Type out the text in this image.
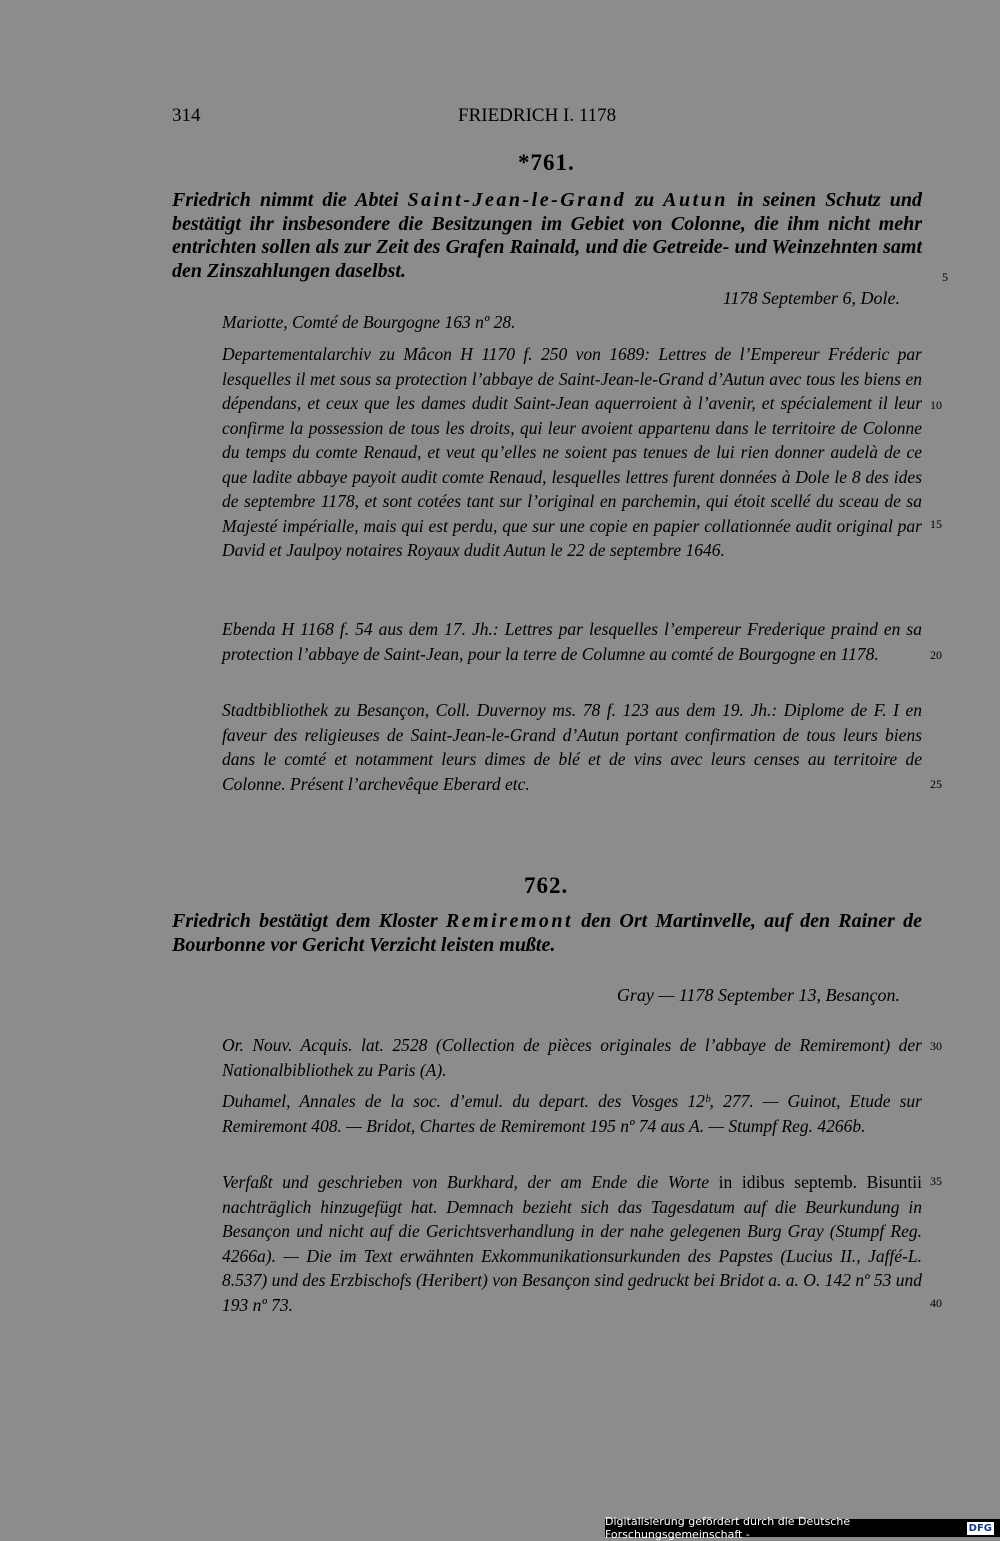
314	FRIEDRICH I. 1178
*761.
Friedrich nimmt die Abtei Saint-Jean-le-Grand zu Autun in seinen Schutz und bestätigt ihr insbesondere die Besitzungen im Gebiet von Colonne, die ihm nicht mehr entrichten sollen als zur Zeit des Grafen Rainald, und die Getreide- und Weinzehnten samt den Zinszahlungen daselbst.
1178 September 6, Dole.

Mariotte, Comté de Bourgogne 163 nº 28.

Departementalarchiv zu Mâcon H 1170 f. 250 von 1689: Lettres de l’Empereur Fréderic par lesquelles il met sous sa protection l’abbaye de Saint-Jean-le-Grand d’Autun avec tous les biens en dépendans, et ceux que les dames dudit Saint-Jean aquerroient à l’avenir, et spécialement il leur confirme la possession de tous les droits, qui leur avoient appartenu dans le territoire de Colonne du temps du comte Renaud, et veut qu’elles ne soient pas tenues de lui rien donner audelà de ce que ladite abbaye payoit audit comte Renaud, lesquelles lettres furent données à Dole le 8 des ides de septembre 1178, et sont cotées tant sur l’original en parchemin, qui étoit scellé du sceau de sa Majesté impérialle, mais qui est perdu, que sur une copie en papier collationnée audit original par David et Jaulpoy notaires Royaux dudit Autun le 22 de septembre 1646.

Ebenda H 1168 f. 54 aus dem 17. Jh.: Lettres par lesquelles l’empereur Frederique praind en sa protection l’abbaye de Saint-Jean, pour la terre de Columne au comté de Bourgogne en 1178.

Stadtbibliothek zu Besançon, Coll. Duvernoy ms. 78 f. 123 aus dem 19. Jh.: Diplome de F. I en faveur des religieuses de Saint-Jean-le-Grand d’Autun portant confirmation de tous leurs biens dans le comté et notamment leurs dimes de blé et de vins avec leurs censes au territoire de Colonne. Présent l’archevêque Eberard etc.

762.
Friedrich bestätigt dem Kloster Remiremont den Ort Martinvelle, auf den Rainer de Bourbonne vor Gericht Verzicht leisten mußte.
Gray — 1178 September 13, Besançon.

Or. Nouv. Acquis. lat. 2528 (Collection de pièces originales de l’abbaye de Remiremont) der Nationalbibliothek zu Paris (A).

Duhamel, Annales de la soc. d’emul. du depart. des Vosges 12ᵇ, 277. — Guinot, Etude sur Remiremont 408. — Bridot, Chartes de Remiremont 195 nº 74 aus A. — Stumpf Reg. 4266b.

Verfaßt und geschrieben von Burkhard, der am Ende die Worte in idibus septemb. Bisuntii nachträglich hinzugefügt hat. Demnach bezieht sich das Tagesdatum auf die Beurkundung in Besançon und nicht auf die Gerichtsverhandlung in der nahe gelegenen Burg Gray (Stumpf Reg. 4266a). — Die im Text erwähnten Exkommunikationsurkunden des Papstes (Lucius II., Jaffé-L. 8.537) und des Erzbischofs (Heribert) von Besançon sind gedruckt bei Bridot a. a. O. 142 nº 53 und 193 nº 73.

5
10
15
20
25
30
35
40
Digitalisierung gefördert durch die Deutsche Forschungsgemeinschaft -	DFG
